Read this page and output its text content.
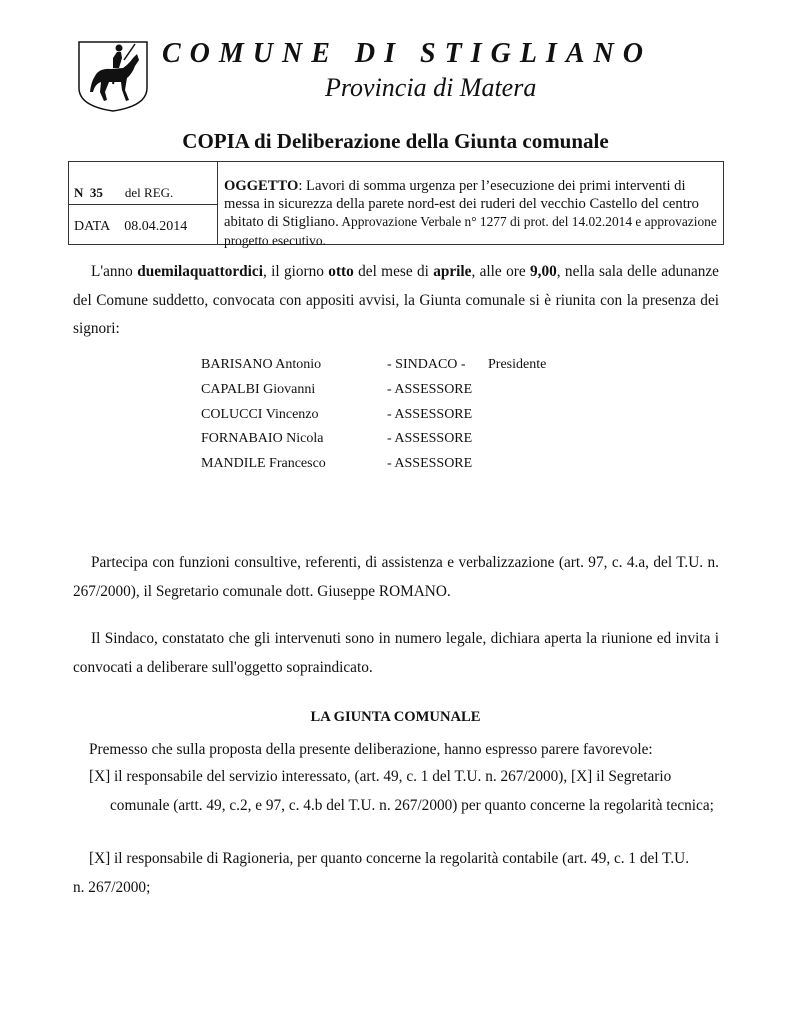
COMUNE DI STIGLIANO
Provincia di Matera
COPIA di Deliberazione della Giunta comunale
N 35 del REG.
DATA 08.04.2014
OGGETTO: Lavori di somma urgenza per l’esecuzione dei primi interventi di messa in sicurezza della parete nord-est dei ruderi del vecchio Castello del centro abitato di Stigliano. Approvazione Verbale n° 1277 di prot. del 14.02.2014 e approvazione progetto esecutivo.
L'anno duemilaquattordici, il giorno otto del mese di aprile, alle ore 9,00, nella sala delle adunanze del Comune suddetto, convocata con appositi avvisi, la Giunta comunale si è riunita con la presenza dei signori:
BARISANO Antonio	- SINDACO - Presidente
CAPALBI Giovanni	- ASSESSORE
COLUCCI Vincenzo	- ASSESSORE
FORNABAIO Nicola	- ASSESSORE
MANDILE Francesco	- ASSESSORE
Partecipa con funzioni consultive, referenti, di assistenza e verbalizzazione (art. 97, c. 4.a, del T.U. n. 267/2000), il Segretario comunale dott. Giuseppe ROMANO.
Il Sindaco, constatato che gli intervenuti sono in numero legale, dichiara aperta la riunione ed invita i convocati a deliberare sull'oggetto sopraindicato.
LA GIUNTA COMUNALE
Premesso che sulla proposta della presente deliberazione, hanno espresso parere favorevole:
[X] il responsabile del servizio interessato, (art. 49, c. 1 del T.U. n. 267/2000), [X] il Segretario
comunale (artt. 49, c.2, e 97, c. 4.b del T.U. n. 267/2000) per quanto concerne la regolarità tecnica;
[X] il responsabile di Ragioneria, per quanto concerne la regolarità contabile (art. 49, c. 1 del T.U.
n. 267/2000;
